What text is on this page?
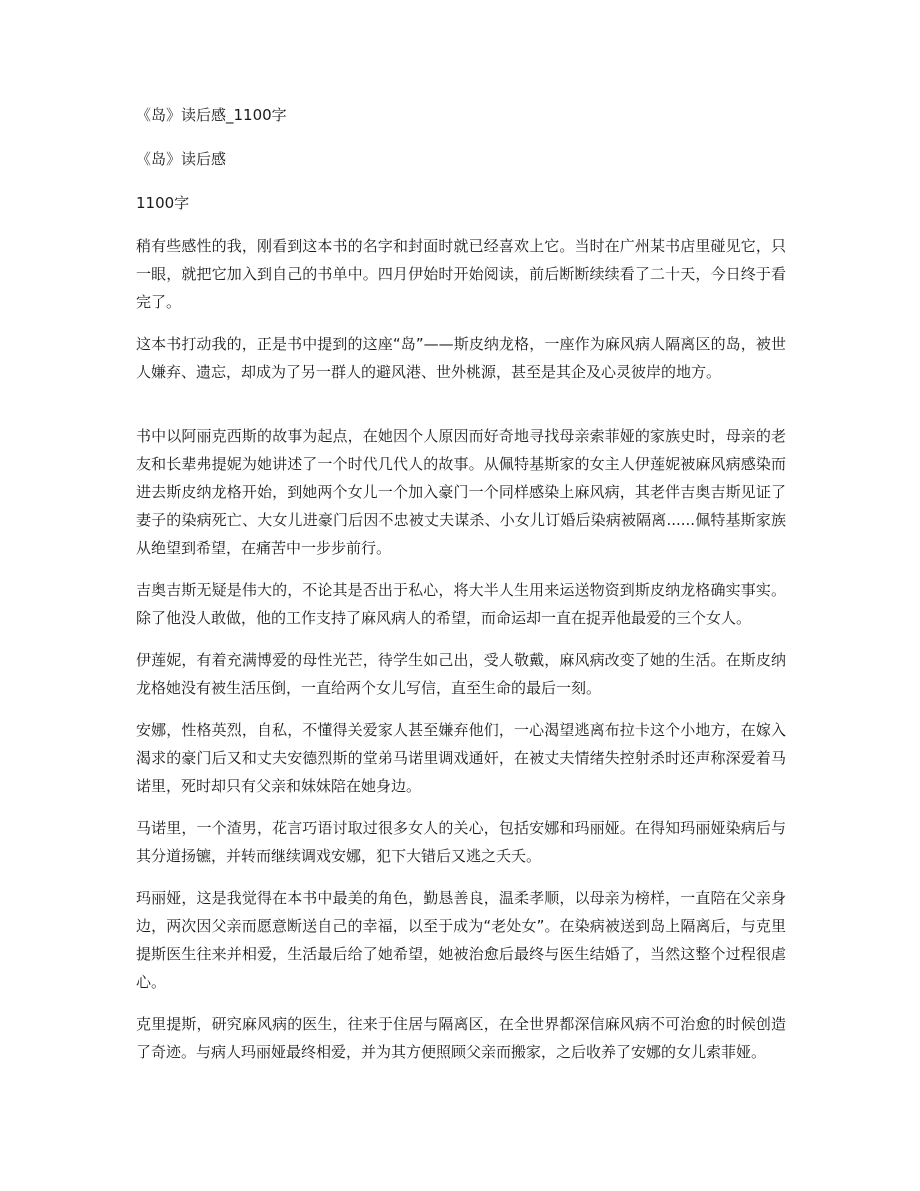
《岛》读后感_1100字

《岛》读后感

1100字

稍有些感性的我，刚看到这本书的名字和封面时就已经喜欢上它。当时在广州某书店里碰见它，只一眼，就把它加入到自己的书单中。四月伊始时开始阅读，前后断断续续看了二十天，今日终于看完了。

这本书打动我的，正是书中提到的这座“岛”——斯皮纳龙格，一座作为麻风病人隔离区的岛，被世人嫌弃、遗忘，却成为了另一群人的避风港、世外桃源，甚至是其企及心灵彼岸的地方。

书中以阿丽克西斯的故事为起点，在她因个人原因而好奇地寻找母亲索菲娅的家族史时，母亲的老友和长辈弗提妮为她讲述了一个时代几代人的故事。从佩特基斯家的女主人伊莲妮被麻风病感染而进去斯皮纳龙格开始，到她两个女儿一个加入豪门一个同样感染上麻风病，其老伴吉奥吉斯见证了妻子的染病死亡、大女儿进豪门后因不忠被丈夫谋杀、小女儿订婚后染病被隔离......佩特基斯家族从绝望到希望，在痛苦中一步步前行。

吉奥吉斯无疑是伟大的，不论其是否出于私心，将大半人生用来运送物资到斯皮纳龙格确实事实。除了他没人敢做，他的工作支持了麻风病人的希望，而命运却一直在捉弄他最爱的三个女人。

伊莲妮，有着充满博爱的母性光芒，待学生如己出，受人敬戴，麻风病改变了她的生活。在斯皮纳龙格她没有被生活压倒，一直给两个女儿写信，直至生命的最后一刻。

安娜，性格英烈，自私，不懂得关爱家人甚至嫌弃他们，一心渴望逃离布拉卡这个小地方，在嫁入渴求的豪门后又和丈夫安德烈斯的堂弟马诺里调戏通奸，在被丈夫情绪失控射杀时还声称深爱着马诺里，死时却只有父亲和妹妹陪在她身边。

马诺里，一个渣男，花言巧语讨取过很多女人的关心，包括安娜和玛丽娅。在得知玛丽娅染病后与其分道扬镳，并转而继续调戏安娜，犯下大错后又逃之夭夭。

玛丽娅，这是我觉得在本书中最美的角色，勤恳善良，温柔孝顺，以母亲为榜样，一直陪在父亲身边，两次因父亲而愿意断送自己的幸福，以至于成为“老处女”。在染病被送到岛上隔离后，与克里提斯医生往来并相爱，生活最后给了她希望，她被治愈后最终与医生结婚了，当然这整个过程很虐心。

克里提斯，研究麻风病的医生，往来于住居与隔离区，在全世界都深信麻风病不可治愈的时候创造了奇迹。与病人玛丽娅最终相爱，并为其方便照顾父亲而搬家，之后收养了安娜的女儿索菲娅。
